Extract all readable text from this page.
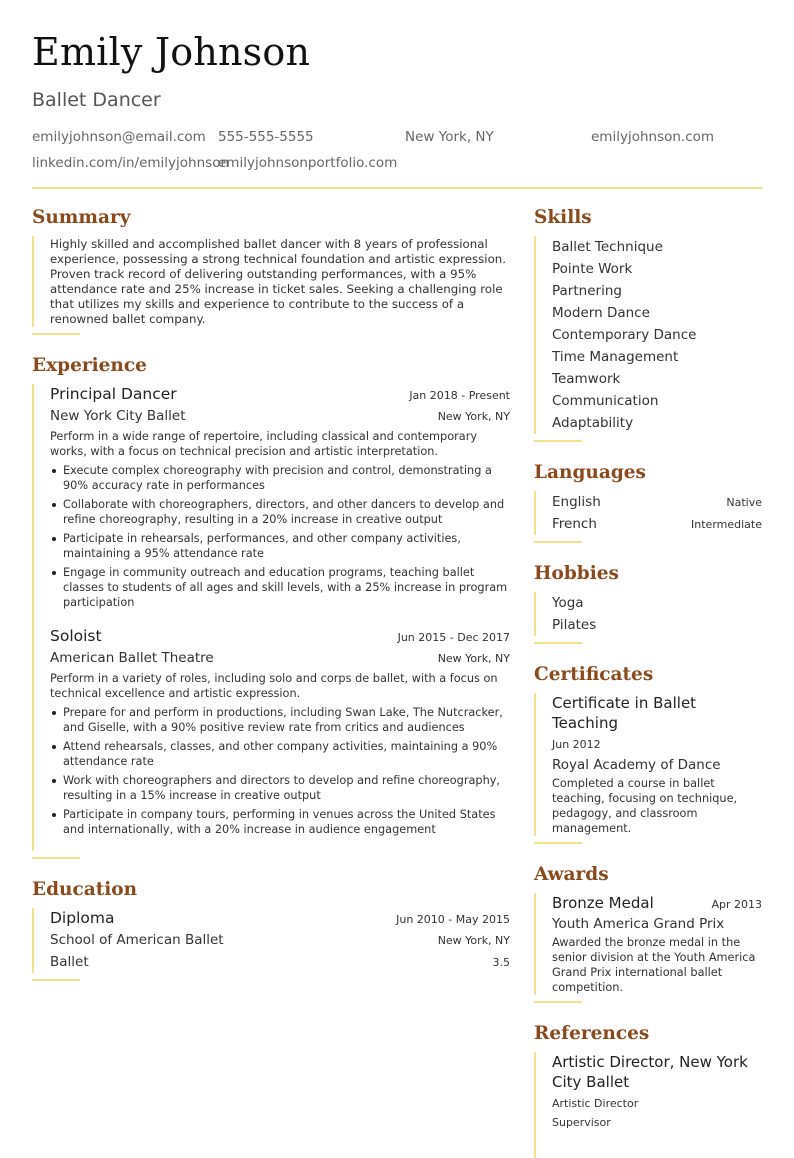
Emily Johnson
Ballet Dancer
emilyjohnson@email.com 555-555-5555	New York, NY	emilyjohnson.com
linkedin.com/in/emilyjohnson
emilyjohnsonportfolio.com
Summary
Highly skilled and accomplished ballet dancer with 8 years of professional experience, possessing a strong technical foundation and artistic expression. Proven track record of delivering outstanding performances, with a 95% attendance rate and 25% increase in ticket sales. Seeking a challenging role that utilizes my skills and experience to contribute to the success of a renowned ballet company.
Experience
Principal Dancer	Jan 2018 - Present
New York City Ballet	New York, NY
Perform in a wide range of repertoire, including classical and contemporary works, with a focus on technical precision and artistic interpretation.
Execute complex choreography with precision and control, demonstrating a 90% accuracy rate in performances
Collaborate with choreographers, directors, and other dancers to develop and refine choreography, resulting in a 20% increase in creative output
Participate in rehearsals, performances, and other company activities, maintaining a 95% attendance rate
Engage in community outreach and education programs, teaching ballet classes to students of all ages and skill levels, with a 25% increase in program participation
Soloist	Jun 2015 - Dec 2017
American Ballet Theatre	New York, NY
Perform in a variety of roles, including solo and corps de ballet, with a focus on technical excellence and artistic expression.
Prepare for and perform in productions, including Swan Lake, The Nutcracker, and Giselle, with a 90% positive review rate from critics and audiences
Attend rehearsals, classes, and other company activities, maintaining a 90% attendance rate
Work with choreographers and directors to develop and refine choreography, resulting in a 15% increase in creative output
Participate in company tours, performing in venues across the United States and internationally, with a 20% increase in audience engagement
Education
Diploma	Jun 2010 - May 2015
School of American Ballet	New York, NY
Ballet	3.5
Skills
Ballet Technique
Pointe Work
Partnering
Modern Dance
Contemporary Dance
Time Management
Teamwork
Communication
Adaptability
Languages
English	Native
French	Intermediate
Hobbies
Yoga
Pilates
Certificates
Certificate in Ballet Teaching
Jun 2012
Royal Academy of Dance
Completed a course in ballet teaching, focusing on technique, pedagogy, and classroom management.
Awards
Bronze Medal	Apr 2013
Youth America Grand Prix
Awarded the bronze medal in the senior division at the Youth America Grand Prix international ballet competition.
References
Artistic Director, New York City Ballet
Artistic Director
Supervisor
